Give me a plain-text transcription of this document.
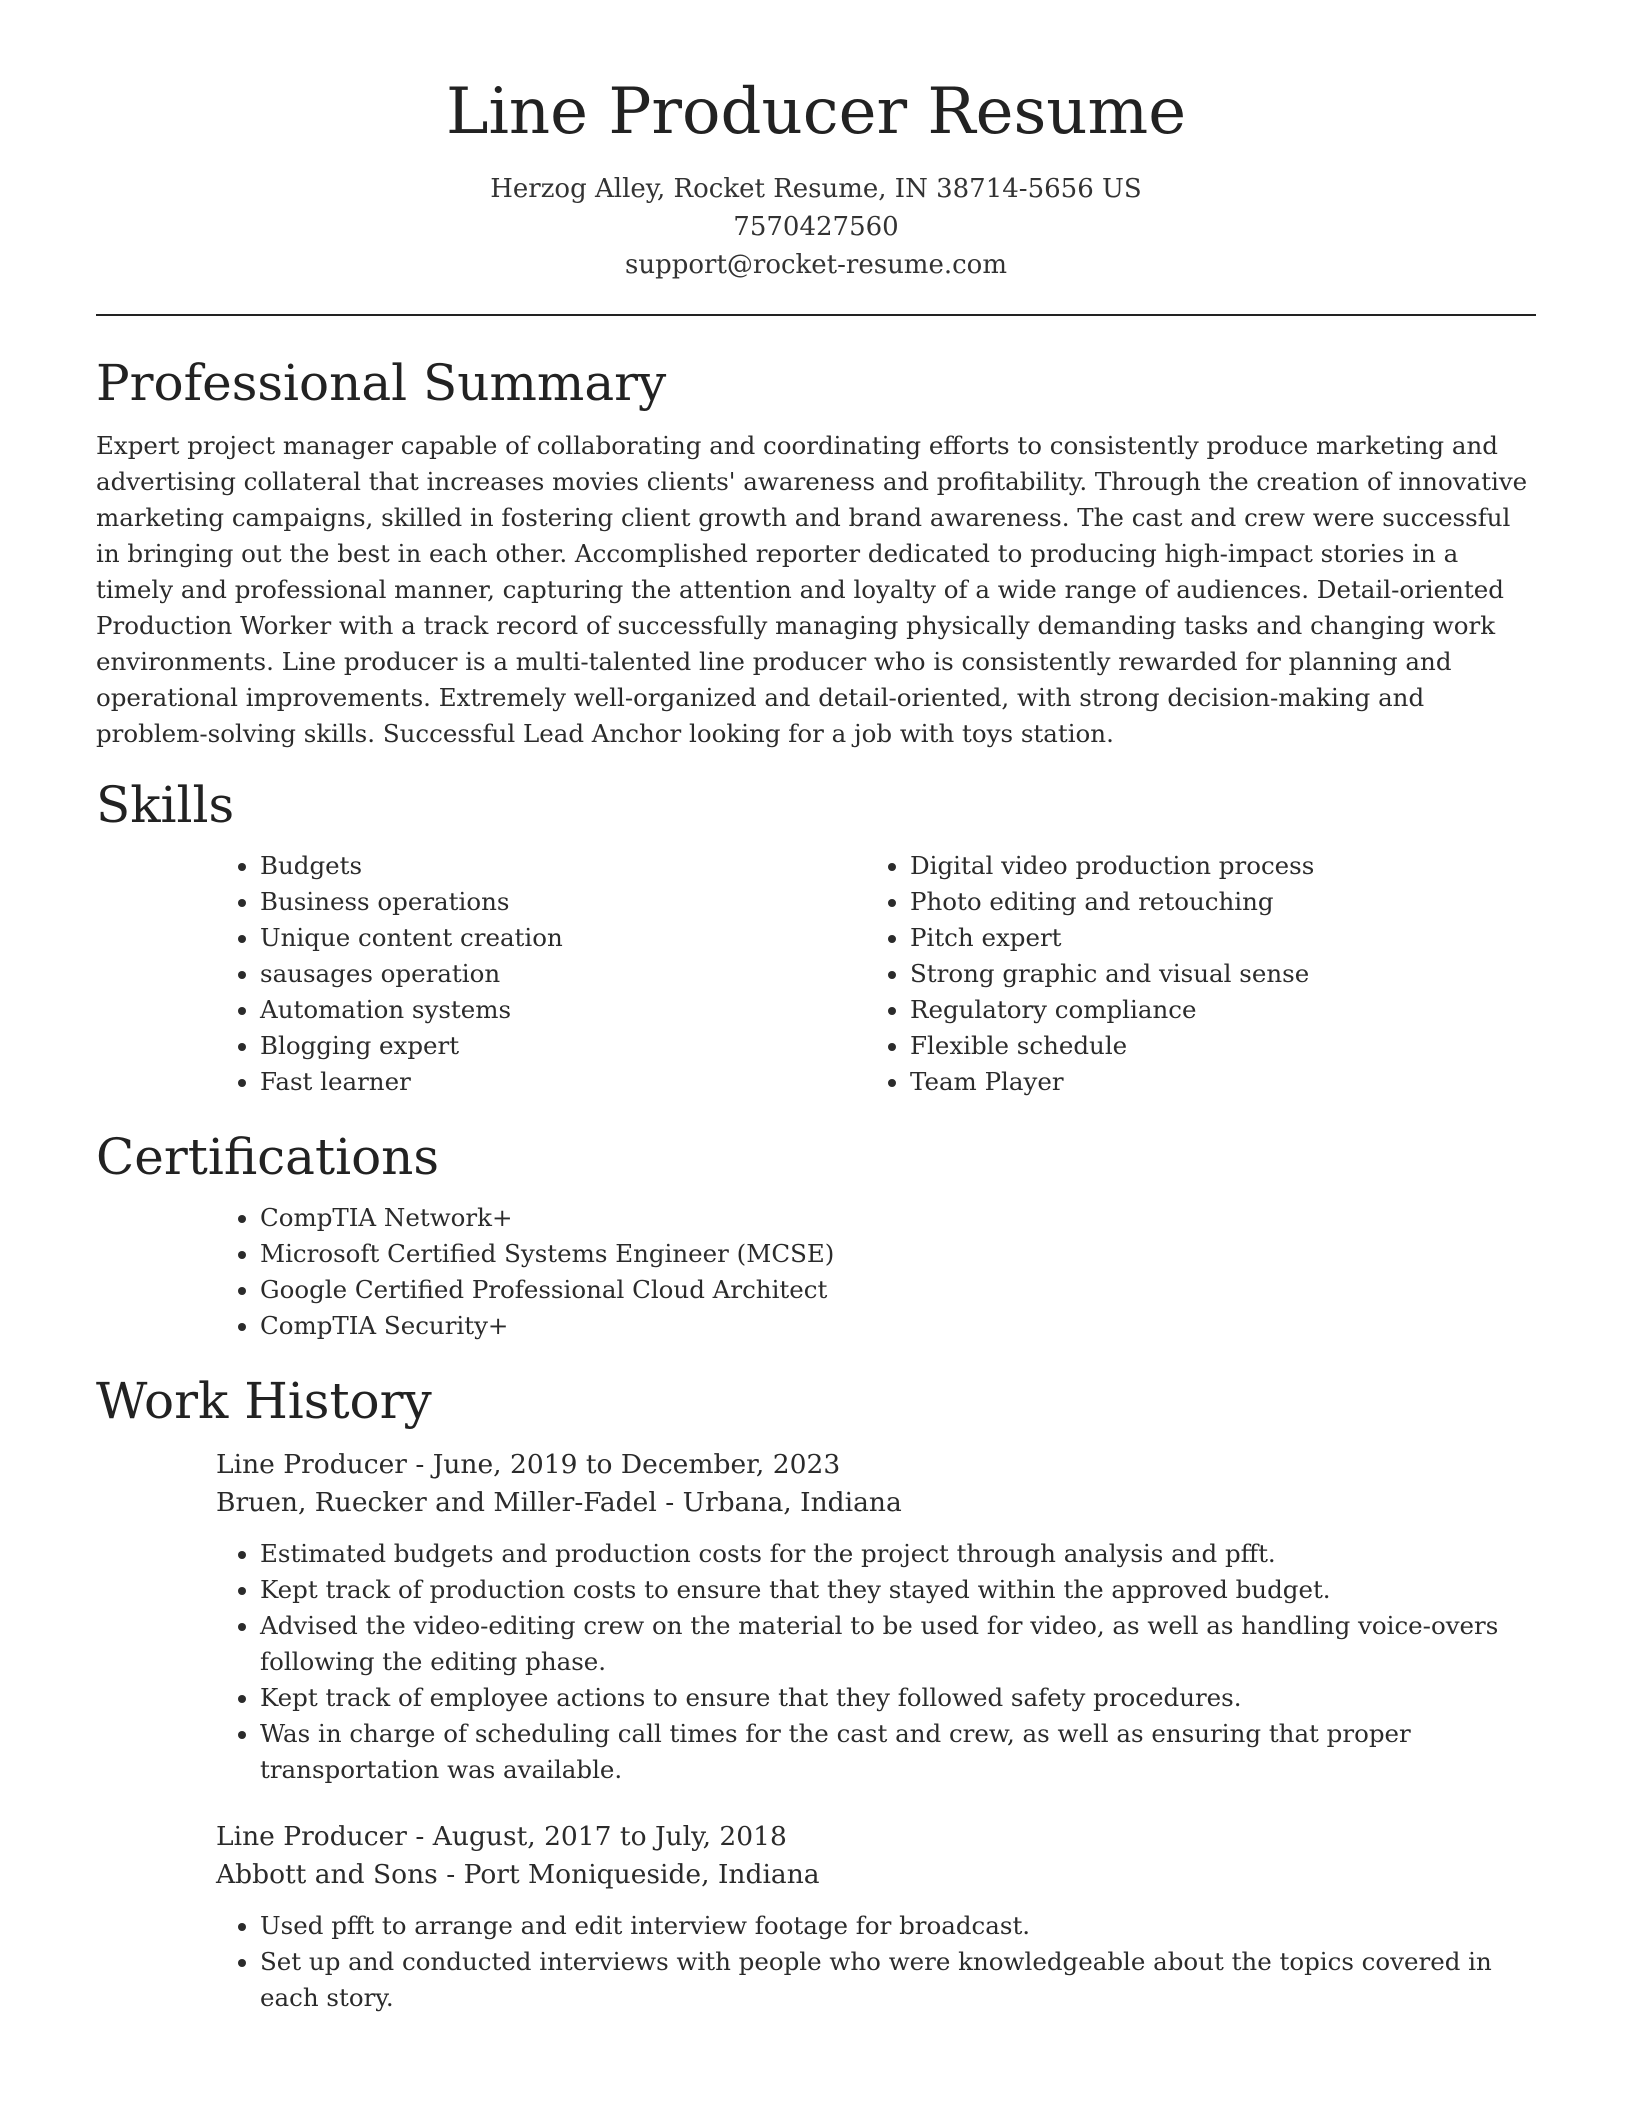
Line Producer Resume
Herzog Alley, Rocket Resume, IN 38714-5656 US
7570427560
support@rocket-resume.com
Professional Summary

Expert project manager capable of collaborating and coordinating efforts to consistently produce marketing and advertising collateral that increases movies clients' awareness and profitability. Through the creation of innovative marketing campaigns, skilled in fostering client growth and brand awareness. The cast and crew were successful in bringing out the best in each other. Accomplished reporter dedicated to producing high-impact stories in a timely and professional manner, capturing the attention and loyalty of a wide range of audiences. Detail-oriented Production Worker with a track record of successfully managing physically demanding tasks and changing work environments. Line producer is a multi-talented line producer who is consistently rewarded for planning and operational improvements. Extremely well-organized and detail-oriented, with strong decision-making and problem-solving skills. Successful Lead Anchor looking for a job with toys station.

Skills
• Budgets
• Business operations
• Unique content creation
• sausages operation
• Automation systems
• Blogging expert
• Fast learner
• Digital video production process
• Photo editing and retouching
• Pitch expert
• Strong graphic and visual sense
• Regulatory compliance
• Flexible schedule
• Team Player
Certifications
• CompTIA Network+
• Microsoft Certified Systems Engineer (MCSE)
• Google Certified Professional Cloud Architect
• CompTIA Security+
Work History
Line Producer - June, 2019 to December, 2023
Bruen, Ruecker and Miller-Fadel - Urbana, Indiana
• Estimated budgets and production costs for the project through analysis and pfft.
• Kept track of production costs to ensure that they stayed within the approved budget.
• Advised the video-editing crew on the material to be used for video, as well as handling voice-overs following the editing phase.
• Kept track of employee actions to ensure that they followed safety procedures.
• Was in charge of scheduling call times for the cast and crew, as well as ensuring that proper transportation was available.
Line Producer - August, 2017 to July, 2018
Abbott and Sons - Port Moniqueside, Indiana
• Used pfft to arrange and edit interview footage for broadcast.
• Set up and conducted interviews with people who were knowledgeable about the topics covered in each story.
